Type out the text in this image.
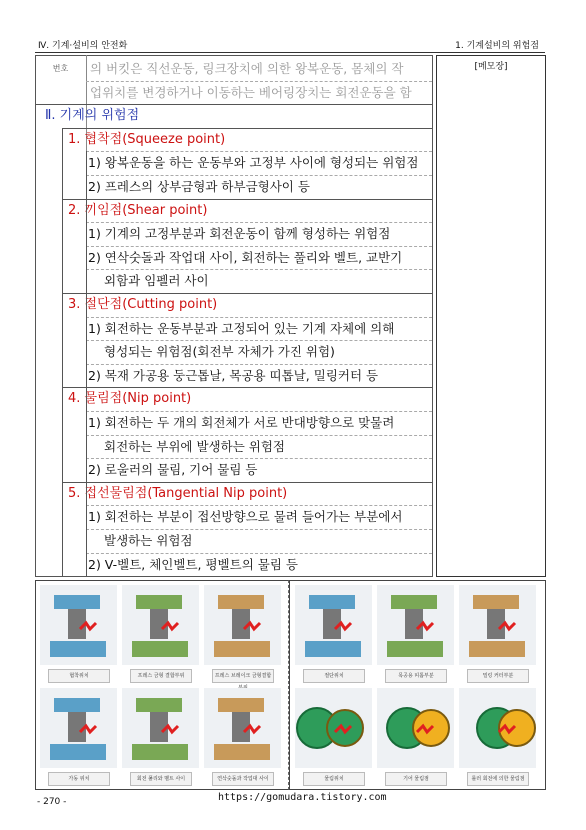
Ⅳ. 기계·설비의 안전화	1. 기계설비의 위험점
번호	[메모장]
의 버킷은 직선운동, 링크장치에 의한 왕복운동, 몸체의 작
업위치를 변경하거나 이동하는 베어링장치는 회전운동을 함
Ⅱ. 기계의 위험점
1. 협착점(Squeeze point)
1) 왕복운동을 하는 운동부와 고정부 사이에 형성되는 위험점
2) 프레스의 상부금형과 하부금형사이 등
2. 끼임점(Shear point)
1) 기계의 고정부분과 회전운동이 함께 형성하는 위험점
2) 연삭숫돌과 작업대 사이, 회전하는 풀리와 벨트, 교반기
외함과 임펠러 사이
3. 절단점(Cutting point)
1) 회전하는 운동부분과 고정되어 있는 기계 자체에 의해
형성되는 위험점(회전부 자체가 가진 위험)
2) 목재 가공용 둥근톱날, 목공용 띠톱날, 밀링커터 등
4. 물림점(Nip point)
1) 회전하는 두 개의 회전체가 서로 반대방향으로 맞물려
회전하는 부위에 발생하는 위험점
2) 로울러의 물림, 기어 물림 등
5. 접선물림점(Tangential Nip point)
1) 회전하는 부분이 접선방향으로 물려 들어가는 부분에서
발생하는 위험점
2) V-벨트, 체인벨트, 평벨트의 물림 등
협착위치	프레스 금형 결합부위	프레스 브레이크 금형결합
가동 위치	회전 풀리와 벨트 사이	연삭숫돌과 작업대 사이
절단위치	목공용 띠톱부분	밀링 커터부분
물림위치	기어 물림점	롤러 회전에 의한 물림점
- 270 -	https://gomudara.tistory.com
